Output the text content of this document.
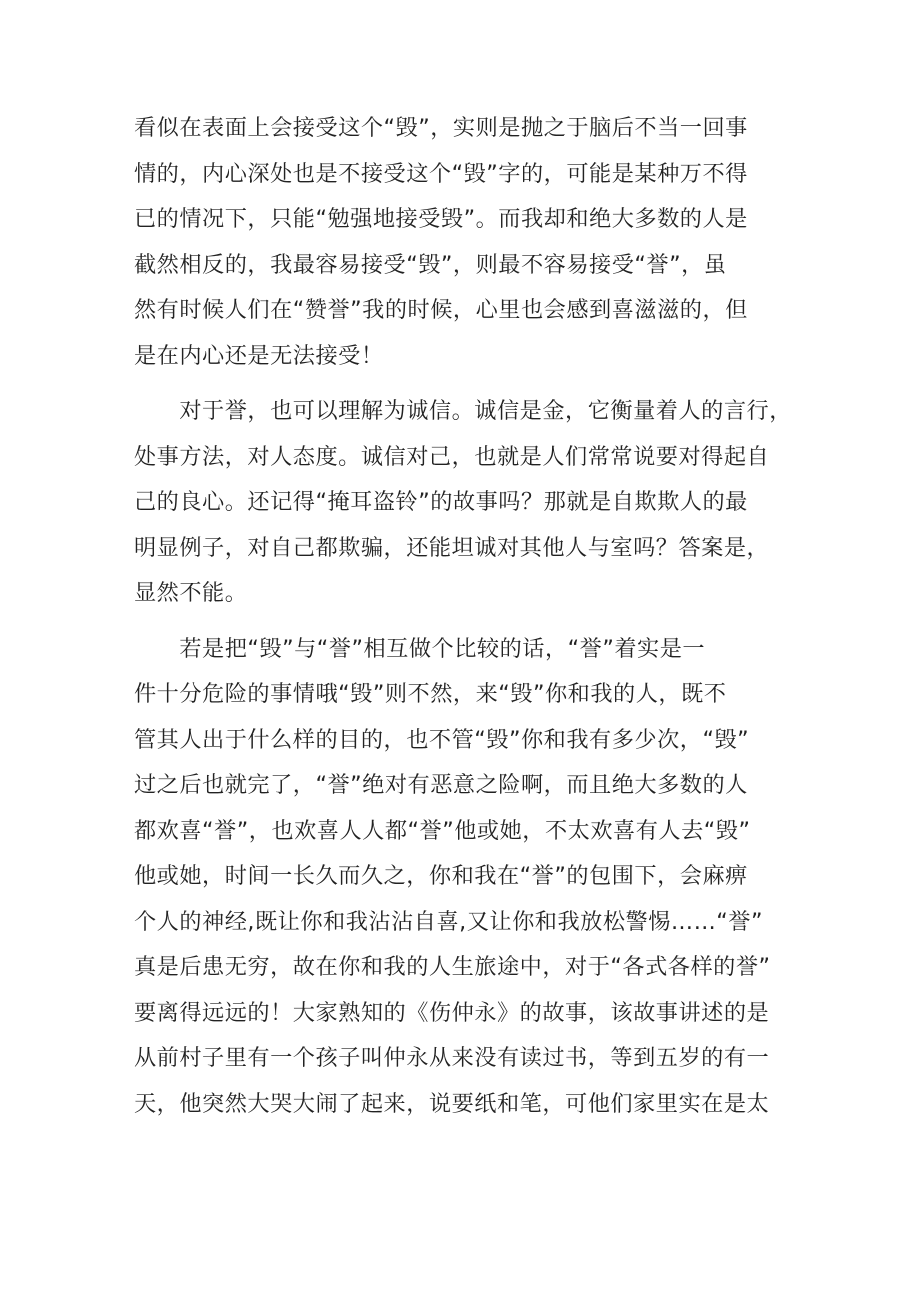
看似在表面上会接受这个“毁”，实则是抛之于脑后不当一回事
情的，内心深处也是不接受这个“毁”字的，可能是某种万不得
已的情况下，只能“勉强地接受毁”。而我却和绝大多数的人是
截然相反的，我最容易接受“毁”，则最不容易接受“誉”，虽
然有时候人们在“赞誉”我的时候，心里也会感到喜滋滋的，但
是在内心还是无法接受！
　　对于誉，也可以理解为诚信。诚信是金，它衡量着人的言行，
处事方法，对人态度。诚信对己，也就是人们常常说要对得起自
己的良心。还记得“掩耳盗铃”的故事吗？那就是自欺欺人的最
明显例子，对自己都欺骗，还能坦诚对其他人与室吗？答案是，
显然不能。
　　若是把“毁”与“誉”相互做个比较的话，“誉”着实是一
件十分危险的事情哦“毁”则不然，来“毁”你和我的人，既不
管其人出于什么样的目的，也不管“毁”你和我有多少次，“毁”
过之后也就完了，“誉”绝对有恶意之险啊，而且绝大多数的人
都欢喜“誉”，也欢喜人人都“誉”他或她，不太欢喜有人去“毁”
他或她，时间一长久而久之，你和我在“誉”的包围下，会麻痹
个人的神经,既让你和我沾沾自喜,又让你和我放松警惕……“誉”
真是后患无穷，故在你和我的人生旅途中，对于“各式各样的誉”
要离得远远的！大家熟知的《伤仲永》的故事，该故事讲述的是
从前村子里有一个孩子叫仲永从来没有读过书，等到五岁的有一
天，他突然大哭大闹了起来，说要纸和笔，可他们家里实在是太
